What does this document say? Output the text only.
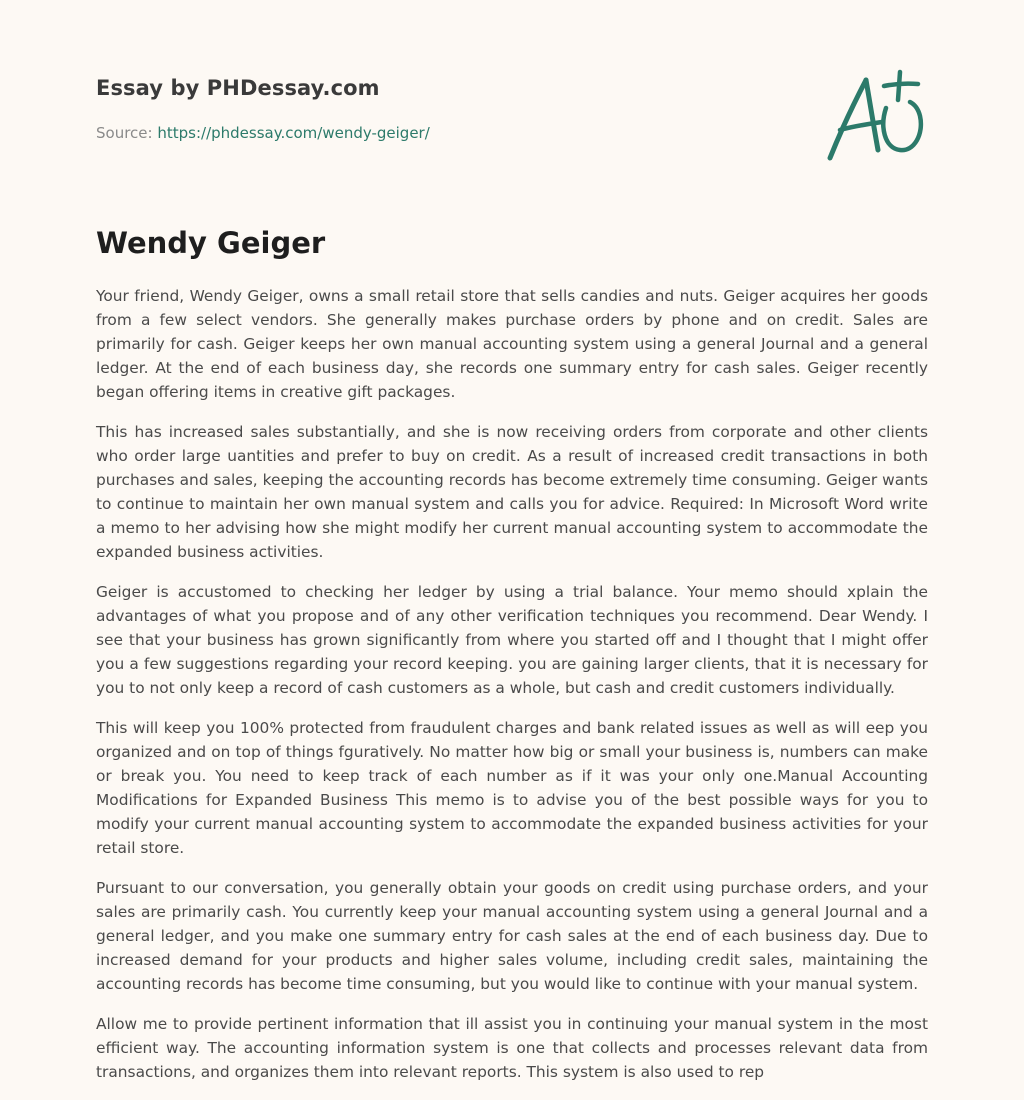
Essay by PHDessay.com
Source: https://phdessay.com/wendy-geiger/
Wendy Geiger

Your friend, Wendy Geiger, owns a small retail store that sells candies and nuts. Geiger acquires her goods from a few select vendors. She generally makes purchase orders by phone and on credit. Sales are primarily for cash. Geiger keeps her own manual accounting system using a general Journal and a general ledger. At the end of each business day, she records one summary entry for cash sales. Geiger recently began offering items in creative gift packages.

This has increased sales substantially, and she is now receiving orders from corporate and other clients who order large uantities and prefer to buy on credit. As a result of increased credit transactions in both purchases and sales, keeping the accounting records has become extremely time consuming. Geiger wants to continue to maintain her own manual system and calls you for advice. Required: In Microsoft Word write a memo to her advising how she might modify her current manual accounting system to accommodate the expanded business activities.

Geiger is accustomed to checking her ledger by using a trial balance. Your memo should xplain the advantages of what you propose and of any other verification techniques you recommend. Dear Wendy. I see that your business has grown significantly from where you started off and I thought that I might offer you a few suggestions regarding your record keeping. you are gaining larger clients, that it is necessary for you to not only keep a record of cash customers as a whole, but cash and credit customers individually.

This will keep you 100% protected from fraudulent charges and bank related issues as well as will eep you organized and on top of things fguratively. No matter how big or small your business is, numbers can make or break you. You need to keep track of each number as if it was your only one.Manual Accounting Modifications for Expanded Business This memo is to advise you of the best possible ways for you to modify your current manual accounting system to accommodate the expanded business activities for your retail store.

Pursuant to our conversation, you generally obtain your goods on credit using purchase orders, and your sales are primarily cash. You currently keep your manual accounting system using a general Journal and a general ledger, and you make one summary entry for cash sales at the end of each business day. Due to increased demand for your products and higher sales volume, including credit sales, maintaining the accounting records has become time consuming, but you would like to continue with your manual system.

Allow me to provide pertinent information that ill assist you in continuing your manual system in the most efficient way. The accounting information system is one that collects and processes relevant data from transactions, and organizes them into relevant reports. This system is also used to rep
